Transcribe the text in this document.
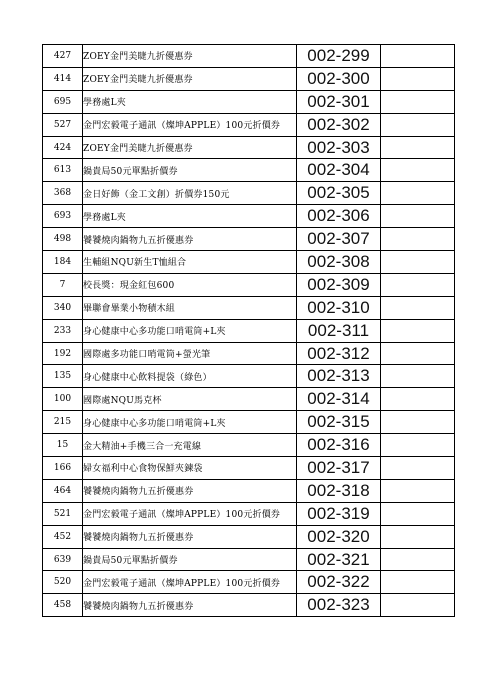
427	ZOEY金門美睫九折優惠券	002-299	
414	ZOEY金門美睫九折優惠券	002-300	
695	學務處L夾	002-301	
527	金門宏毅電子通訊（燦坤APPLE）100元折價券	002-302	
424	ZOEY金門美睫九折優惠券	002-303	
613	鍋貴局50元單點折價券	002-304	
368	金日好飾（金工文創）折價券150元	002-305	
693	學務處L夾	002-306	
498	饕饕燒肉鍋物九五折優惠券	002-307	
184	生輔組NQU新生T恤組合	002-308	
7	校長獎：現金紅包600	002-309	
340	畢聯會畢業小物積木組	002-310	
233	身心健康中心多功能口哨電筒+L夾	002-311	
192	國際處多功能口哨電筒+螢光筆	002-312	
135	身心健康中心飲料提袋（綠色）	002-313	
100	國際處NQU馬克杯	002-314	
215	身心健康中心多功能口哨電筒+L夾	002-315	
15	金大精油+手機三合一充電線	002-316	
166	婦女福利中心食物保鮮夾鍊袋	002-317	
464	饕饕燒肉鍋物九五折優惠券	002-318	
521	金門宏毅電子通訊（燦坤APPLE）100元折價券	002-319	
452	饕饕燒肉鍋物九五折優惠券	002-320	
639	鍋貴局50元單點折價券	002-321	
520	金門宏毅電子通訊（燦坤APPLE）100元折價券	002-322	
458	饕饕燒肉鍋物九五折優惠券	002-323	
